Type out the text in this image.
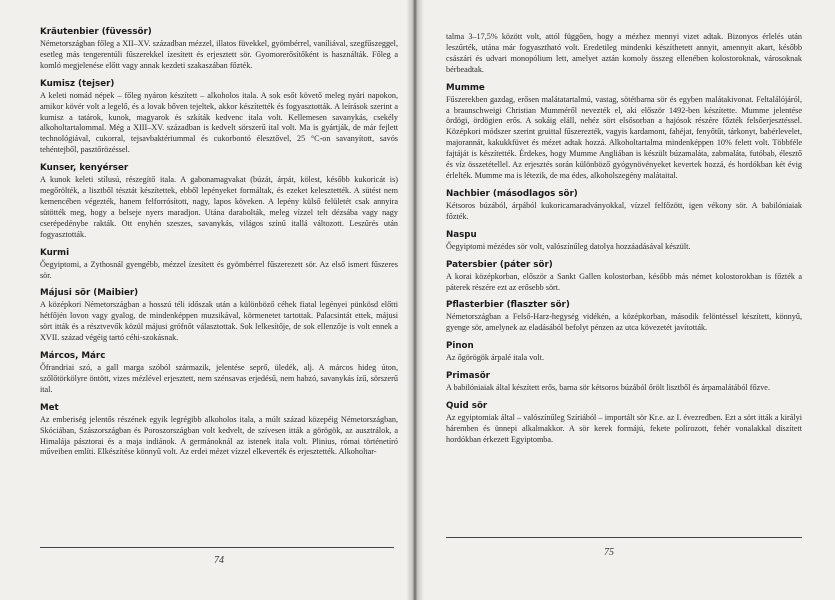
Kräutenbier (füvessör)

Németországban főleg a XII–XV. században mézzel, illatos füvekkel, gyömbérrel, vaníliával, szegfűszeggel, esetleg más tengerentúli fűszerekkel ízesített és erjesztett sör. Gyomorerősítőként is használták. Főleg a komló megjelenése előtt vagy annak kezdeti szakaszában főzték.

Kumisz (tejser)

A keleti nomád népek – főleg nyáron készített – alkoholos itala. A sok esőt követő meleg nyári napokon, amikor kövér volt a legelő, és a lovak bőven tejeltek, akkor készítették és fogyasztották. A leírások szerint a kumisz a tatárok, kunok, magyarok és szkíták kedvenc itala volt. Kellemesen savanykás, csekély alkoholtartalommal. Még a XIII–XV. században is kedvelt sörszerű ital volt. Ma is gyártják, de már fejlett technológiával, cukorral, tejsavbaktériummal és cukorbontó élesztővel, 25 °C-on savanyított, savós tehéntejből, pasztőrözéssel.

Kunser, kenyérser

A kunok keleti stílusú, részegítő itala. A gabonamagvakat (búzát, árpát, kölest, később kukoricát is) megőrölték, a lisztből tésztát készítettek, ebből lepényeket formáltak, és ezeket kelesztették. A sütést nem kemencében végezték, hanem felforrósított, nagy, lapos köveken. A lepény külső felületét csak annyira sütötték meg, hogy a belseje nyers maradjon. Utána darabolták, meleg vízzel telt dézsába vagy nagy cserépedénybe rakták. Ott enyhén szeszes, savanykás, világos színű itallá változott. Leszűrés után fogyasztották.

Kurmi

Őegyiptomi, a Zythosnál gyengébb, mézzel ízesített és gyömbérrel fűszerezett sör. Az első ismert fűszeres sör.

Májusi sör (Maibier)

A középkori Németországban a hosszú téli időszak után a különböző céhek fiatal legényei pünkösd előtti hétfőjén lovon vagy gyalog, de mindenképpen muzsikával, körmenetet tartottak. Palacsintát ettek, májusi sört itták és a résztvevők közül májusi grófnőt választottak. Sok lelkesítője, de sok ellenzője is volt ennek a XVII. század végéig tartó céhi-szokásnak.

Márcos, Márc

Őfrandriai szó, a gall marga szóból származik, jelentése seprő, üledék, alj. A márcos hideg úton, szőlőtörkölyre öntött, vizes mézlével erjesztett, nem szénsavas erjedésű, nem habzó, savanykás ízű, sörszerű ital.

Met

Az emberiség jelentős részének egyik legrégibb alkoholos itala, a múlt század közepéig Németországban, Skóciában, Szászországban és Poroszországban volt kedvelt, de szívesen itták a görögök, az ausztrálok, a Himalája pásztorai és a maja indiánok. A germánoknál az istenek itala volt. Plinius, római történetíró műveiben említi. Elkészítése könnyű volt. Az erdei mézet vízzel elkeverték és erjesztették. Alkoholtar-

74

talma 3–17,5% között volt, attól függően, hogy a mézhez mennyi vizet adtak. Bizonyos érlelés után leszűrték, utána már fogyasztható volt. Eredetileg mindenki készíthetett annyit, amennyit akart, később császári és udvari monopólium lett, amelyet aztán komoly összeg ellenében kolostoroknak, városoknak bérbeadtak.

Mumme

Fűszerekben gazdag, erősen malátatartalmú, vastag, sötétbarna sör és egyben malátakivonat. Feltalálójáról, a braunschweigi Christian Mumméről nevezték el, aki először 1492-ben készítette. Mumme jelentése ördögi, ördögien erős. A sokáig eláll, nehéz sört elsősorban a hajósok részére főzték felsőerjesztéssel. Középkori módszer szerint gruittal fűszerezték, vagyis kardamont, fahéjat, fenyőtűt, tárkonyt, babérlevelet, majorannát, kakukkfüvet és mézet adtak hozzá. Alkoholtartalma mindenképpen 10% felett volt. Többféle fajtáját is készítették. Érdekes, hogy Mumme Angliában is készült búzamaláta, zabmaláta, futóbab, élesztő és víz összetétellel. Az erjesztés során különböző gyógynövényeket kevertek hozzá, és hordókban két évig érlelték. Mumme ma is létezik, de ma édes, alkoholszegény malátaital.

Nachbier (másodlagos sör)

Kétsoros búzából, árpából kukoricamaradványokkal, vízzel felfőzött, igen vékony sör. A babilóniaiak főzték.

Naspu

Őegyiptomi mézédes sör volt, valószínűleg datolya hozzáadásával készült.

Patersbier (páter sör)

A korai középkorban, először a Sankt Gallen kolostorban, később más német kolostorokban is főzték a páterek részére ezt az erősebb sört.

Pflasterbier (flaszter sör)

Németországban a Felső-Harz-hegység vidékén, a középkorban, második felöntéssel készített, könnyű, gyenge sör, amelynek az eladásából befolyt pénzen az utca kövezetét javították.

Pinon

Az őgörögök árpalé itala volt.

Primasör

A babilóniaiak által készített erős, barna sör kétsoros búzából őrölt lisztből és árpamalátából főzve.

Quid sör

Az egyiptomiak által – valószínűleg Szíriából – importált sör Kr.e. az I. évezredben. Ezt a sört itták a királyi háremben és ünnepi alkalmakkor. A sör kerek formájú, fekete polírozott, fehér vonalakkal díszített hordókban érkezett Egyiptomba.

75
